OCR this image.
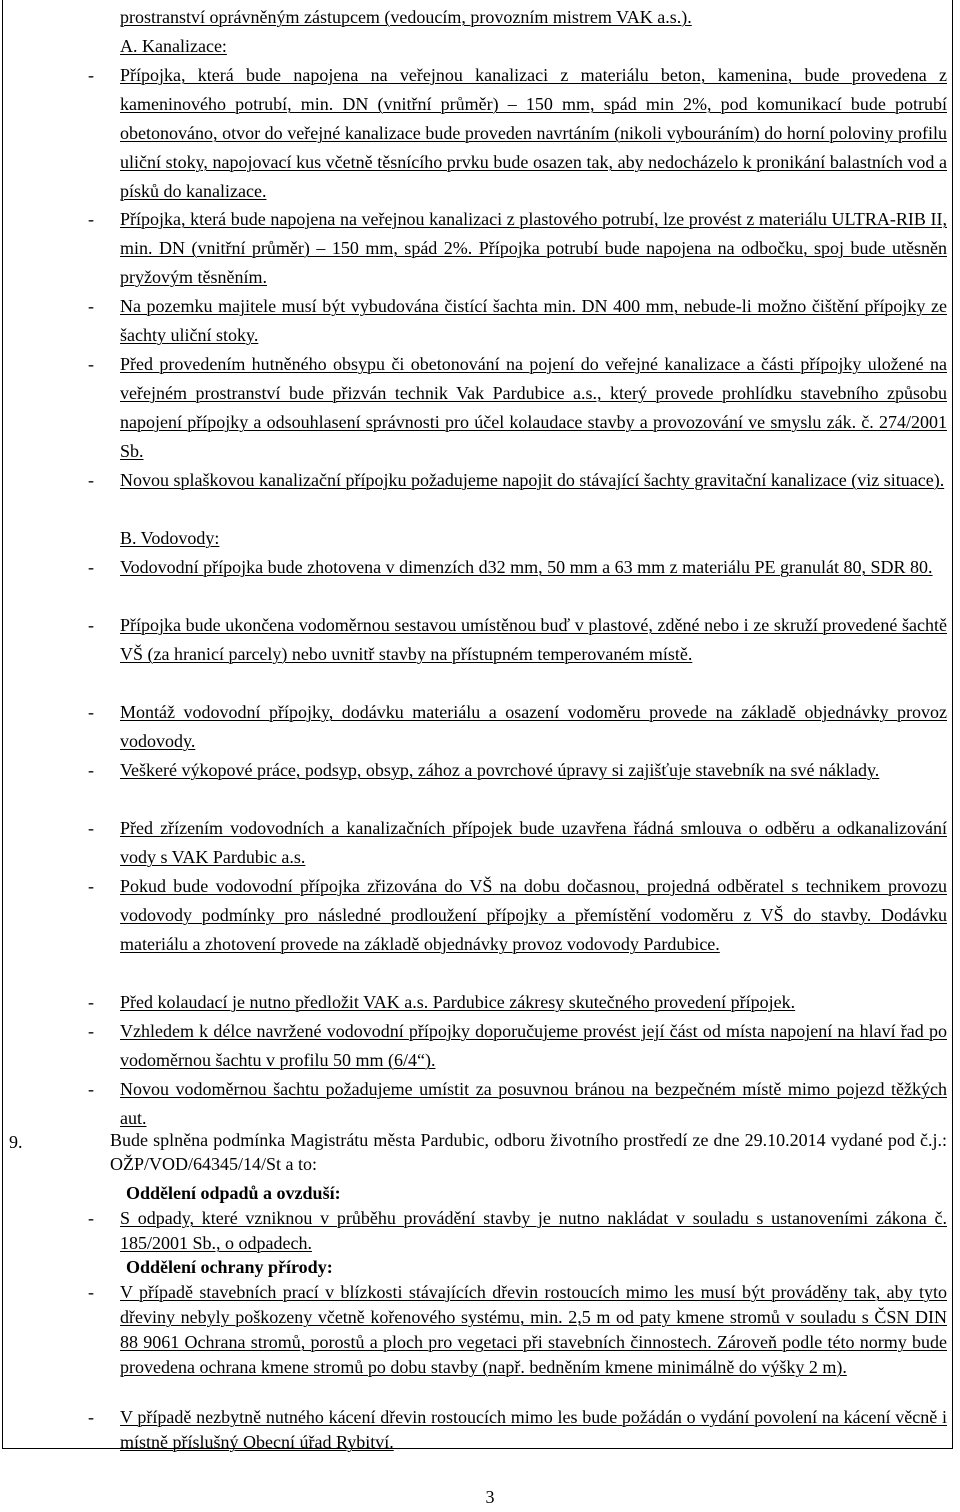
prostranství oprávněným zástupcem (vedoucím, provozním mistrem VAK a.s.).
A. Kanalizace:
-	Přípojka, která bude napojena na veřejnou kanalizaci z materiálu beton, kamenina, bude provedena z kameninového potrubí, min. DN (vnitřní průměr) – 150 mm, spád min 2%, pod komunikací bude potrubí obetonováno, otvor do veřejné kanalizace bude proveden navrtáním (nikoli vybouráním) do horní poloviny profilu uliční stoky, napojovací kus včetně těsnícího prvku bude osazen tak, aby nedocházelo k pronikání balastních vod a písků do kanalizace.
-	Přípojka, která bude napojena na veřejnou kanalizaci z plastového potrubí, lze provést z materiálu ULTRA-RIB II, min. DN (vnitřní průměr) – 150 mm, spád 2%. Přípojka potrubí bude napojena na odbočku, spoj bude utěsněn pryžovým těsněním.
-	Na pozemku majitele musí být vybudována čistící šachta min. DN 400 mm, nebude-li možno čištění přípojky ze šachty uliční stoky.
-	Před provedením hutněného obsypu či obetonování na pojení do veřejné kanalizace a části přípojky uložené na veřejném prostranství bude přizván technik Vak Pardubice a.s., který provede prohlídku stavebního způsobu napojení přípojky a odsouhlasení správnosti pro účel kolaudace stavby a provozování ve smyslu zák. č. 274/2001 Sb.
-	Novou splaškovou kanalizační přípojku požadujeme napojit do stávající šachty gravitační kanalizace (viz situace).
B. Vodovody:
-	Vodovodní přípojka bude zhotovena v dimenzích d32 mm, 50 mm a 63 mm z materiálu PE granulát 80, SDR 80.
-	Přípojka bude ukončena vodoměrnou sestavou umístěnou buď v plastové, zděné nebo i ze skruží provedené šachtě VŠ (za hranicí parcely) nebo uvnitř stavby na přístupném temperovaném místě.
-	Montáž vodovodní přípojky, dodávku materiálu a osazení vodoměru provede na základě objednávky provoz vodovody.
-	Veškeré výkopové práce, podsyp, obsyp, zához a povrchové úpravy si zajišťuje stavebník na své náklady.
-	Před zřízením vodovodních a kanalizačních přípojek bude uzavřena řádná smlouva o odběru a odkanalizování vody s VAK Pardubic a.s.
-	Pokud bude vodovodní přípojka zřizována do VŠ na dobu dočasnou, projedná odběratel s technikem provozu vodovody podmínky pro následné prodloužení přípojky a přemístění vodoměru z VŠ do stavby. Dodávku materiálu a zhotovení provede na základě objednávky provoz vodovody Pardubice.
-	Před kolaudací je nutno předložit VAK a.s. Pardubice zákresy skutečného provedení přípojek.
-	Vzhledem k délce navržené vodovodní přípojky doporučujeme provést její část od místa napojení na hlaví řad po vodoměrnou šachtu v profilu 50 mm (6/4“).
-	Novou vodoměrnou šachtu požadujeme umístit za posuvnou bránou na bezpečném místě mimo pojezd těžkých aut.
9.	Bude splněna podmínka Magistrátu města Pardubic, odboru životního prostředí ze dne 29.10.2014 vydané pod č.j.: OŽP/VOD/64345/14/St a to:
Oddělení odpadů a ovzduší:
-	S odpady, které vzniknou v průběhu provádění stavby je nutno nakládat v souladu s ustanoveními zákona č. 185/2001 Sb., o odpadech.
Oddělení ochrany přírody:
-	V případě stavebních prací v blízkosti stávajících dřevin rostoucích mimo les musí být prováděny tak, aby tyto dřeviny nebyly poškozeny včetně kořenového systému, min. 2,5 m od paty kmene stromů v souladu s ČSN DIN 88 9061 Ochrana stromů, porostů a ploch pro vegetaci při stavebních činnostech. Zároveň podle této normy bude provedena ochrana kmene stromů po dobu stavby (např. bedněním kmene minimálně do výšky 2 m).
-	V případě nezbytně nutného kácení dřevin rostoucích mimo les bude požádán o vydání povolení na kácení věcně i místně příslušný Obecní úřad Rybitví.
3
